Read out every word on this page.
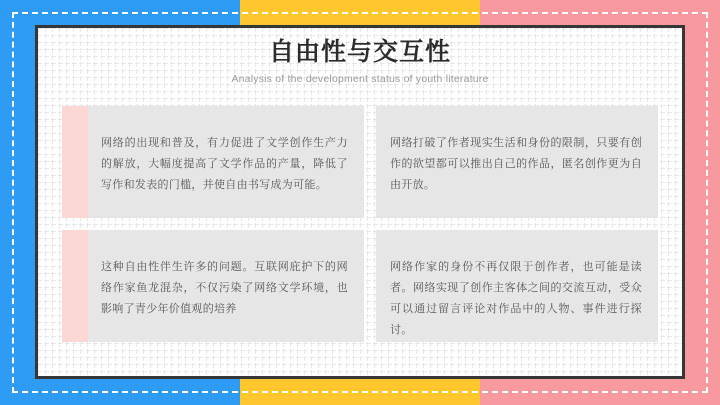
自由性与交互性

Analysis of the development status of youth literature

网络的出现和普及，有力促进了文学创作生产力的解放，大幅度提高了文学作品的产量，降低了写作和发表的门槛，并使自由书写成为可能。

网络打破了作者现实生活和身份的限制，只要有创作的欲望都可以推出自己的作品，匿名创作更为自由开放。

这种自由性伴生许多的问题。互联网庇护下的网络作家鱼龙混杂，不仅污染了网络文学环境，也影响了青少年价值观的培养

网络作家的身份不再仅限于创作者，也可能是读者。网络实现了创作主客体之间的交流互动，受众可以通过留言评论对作品中的人物、事件进行探讨。
